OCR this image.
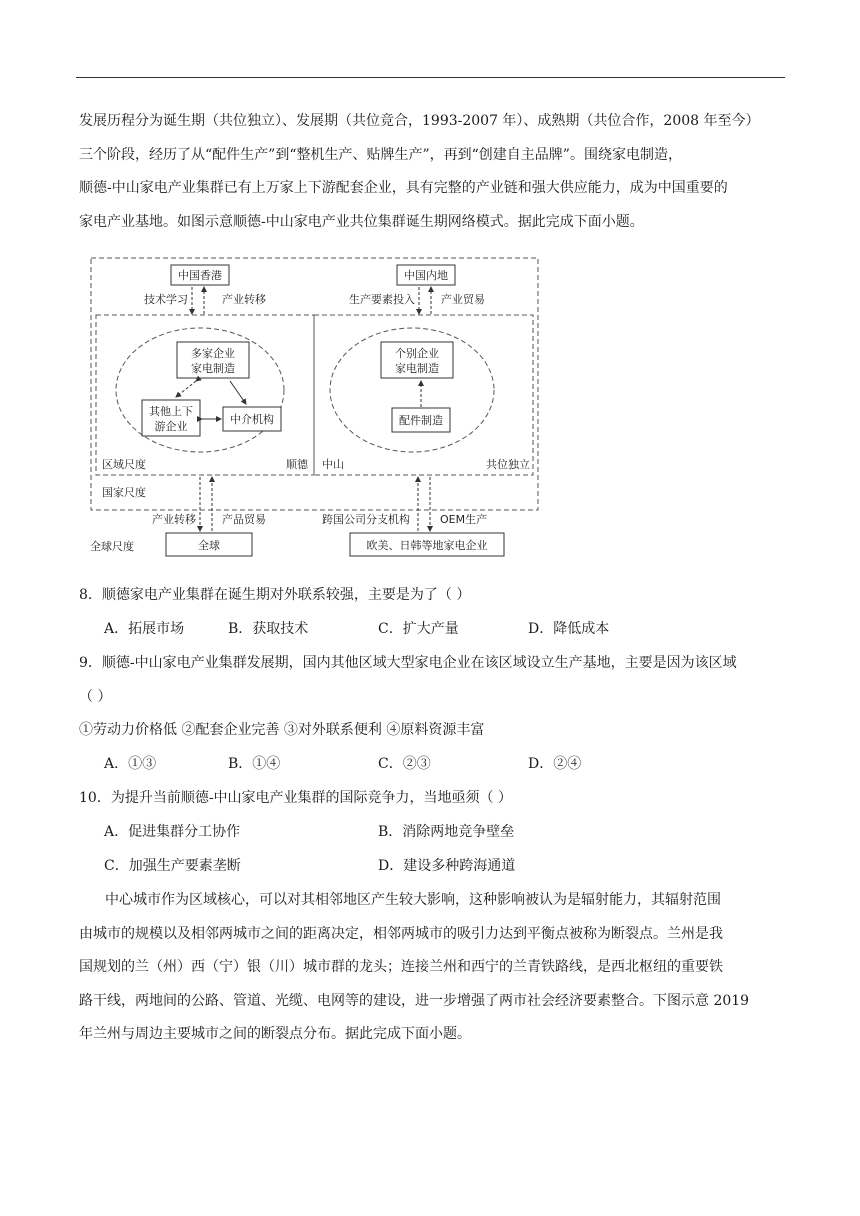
发展历程分为诞生期（共位独立）、发展期（共位竞合，1993-2007 年）、成熟期（共位合作，2008 年至今）
三个阶段，经历了从“配件生产”到“整机生产、贴牌生产”，再到“创建自主品牌”。围绕家电制造，
顺德-中山家电产业集群已有上万家上下游配套企业，具有完整的产业链和强大供应能力，成为中国重要的
家电产业基地。如图示意顺德-中山家电产业共位集群诞生期网络模式。据此完成下面小题。
中国香港	中国内地
技术学习	产业转移	生产要素投入 产业贸易
多家企业
家电制造
其他上下
游企业
中介机构
个别企业
家电制造
配件制造
区域尺度	顺德 中山	共位独立
国家尺度
产业转移 产品贸易	跨国公司分支机构	OEM生产
全球尺度	全球	欧美、日韩等地家电企业
8．顺德家电产业集群在诞生期对外联系较强，主要是为了（ ）
A．拓展市场	B．获取技术	C．扩大产量	D．降低成本
9．顺德-中山家电产业集群发展期，国内其他区域大型家电企业在该区域设立生产基地，主要是因为该区域
（ ）
①劳动力价格低 ②配套企业完善 ③对外联系便利 ④原料资源丰富
A．①③	B．①④	C．②③	D．②④
10．为提升当前顺德-中山家电产业集群的国际竞争力，当地亟须（ ）
A．促进集群分工协作	B．消除两地竞争壁垒
C．加强生产要素垄断	D．建设多种跨海通道
中心城市作为区域核心，可以对其相邻地区产生较大影响，这种影响被认为是辐射能力，其辐射范围
由城市的规模以及相邻两城市之间的距离决定，相邻两城市的吸引力达到平衡点被称为断裂点。兰州是我
国规划的兰（州）西（宁）银（川）城市群的龙头；连接兰州和西宁的兰青铁路线，是西北枢纽的重要铁
路干线，两地间的公路、管道、光缆、电网等的建设，进一步增强了两市社会经济要素整合。下图示意 2019
年兰州与周边主要城市之间的断裂点分布。据此完成下面小题。
